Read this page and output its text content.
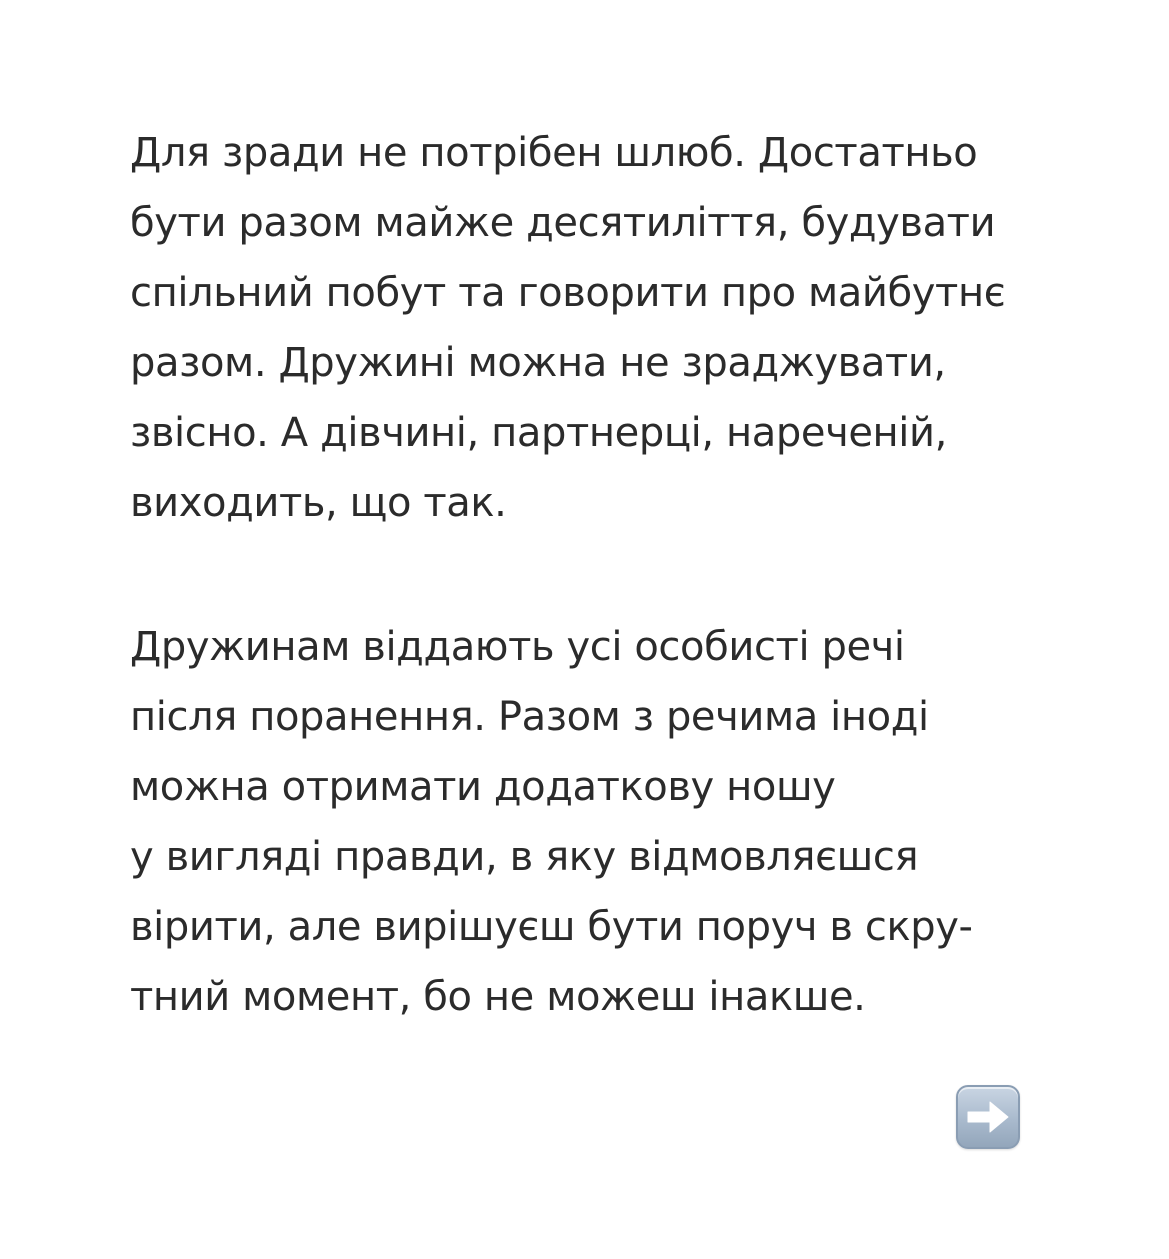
Для зради не потрібен шлюб. Достатньо
бути разом майже десятиліття, будувати
спільний побут та говорити про майбутнє
разом. Дружині можна не зраджувати,
звісно. А дівчині, партнерці, нареченій,
виходить, що так.
Дружинам віддають усі особисті речі
після поранення. Разом з речима іноді
можна отримати додаткову ношу
у вигляді правди, в яку відмовляєшся
вірити, але вирішуєш бути поруч в скру-
тний момент, бо не можеш інакше.
